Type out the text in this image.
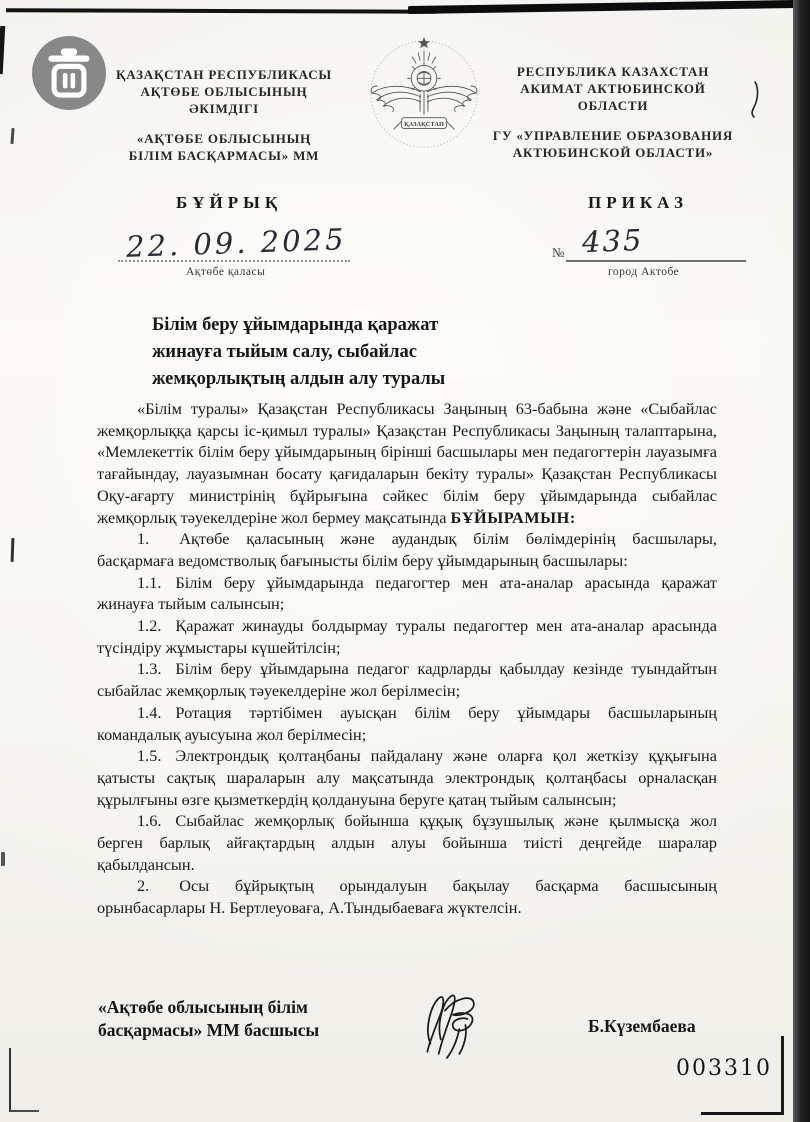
ҚАЗАҚСТАН РЕСПУБЛИКАСЫ
АҚТӨБЕ ОБЛЫСЫНЫҢ ӘКІМДІГІ
«АҚТӨБЕ ОБЛЫСЫНЫҢ
БІЛІМ БАСҚАРМАСЫ» ММ
ҚАЗАҚСТАН
РЕСПУБЛИКА КАЗАХСТАН
АКИМАТ АКТЮБИНСКОЙ ОБЛАСТИ
ГУ «УПРАВЛЕНИЕ ОБРАЗОВАНИЯ
АКТЮБИНСКОЙ ОБЛАСТИ»
БҰЙРЫҚ	ПРИКАЗ
22. 09. 2025
Ақтөбе қаласы
№ 435
город Актобе
Білім беру ұйымдарында қаражат
жинауға тыйым салу, сыбайлас
жемқорлықтың алдын алу туралы

«Білім туралы» Қазақстан Республикасы Заңының 63-бабына және «Сыбайлас жемқорлыққа қарсы іс-қимыл туралы» Қазақстан Республикасы Заңының талаптарына, «Мемлекеттік білім беру ұйымдарының бірінші басшылары мен педагогтерін лауазымға тағайындау, лауазымнан босату қағидаларын бекіту туралы» Қазақстан Республикасы Оқу-ағарту министрінің бұйрығына сәйкес білім беру ұйымдарында сыбайлас жемқорлық тәуекелдеріне жол бермеу мақсатында БҰЙЫРАМЫН:

1. Ақтөбе қаласының және аудандық білім бөлімдерінің басшылары, басқармаға ведомстволық бағынысты білім беру ұйымдарының басшылары:

1.1. Білім беру ұйымдарында педагогтер мен ата-аналар арасында қаражат жинауға тыйым салынсын;

1.2. Қаражат жинауды болдырмау туралы педагогтер мен ата-аналар арасында түсіндіру жұмыстары күшейтілсін;

1.3. Білім беру ұйымдарына педагог кадрларды қабылдау кезінде туындайтын сыбайлас жемқорлық тәуекелдеріне жол берілмесін;

1.4. Ротация тәртібімен ауысқан білім беру ұйымдары басшыларының командалық ауысуына жол берілмесін;

1.5. Электрондық қолтаңбаны пайдалану және оларға қол жеткізу құқығына қатысты сақтық шараларын алу мақсатында электрондық қолтаңбасы орналасқан құрылғыны өзге қызметкердің қолдануына беруге қатаң тыйым салынсын;

1.6. Сыбайлас жемқорлық бойынша құқық бұзушылық және қылмысқа жол берген барлық айғақтардың алдын алуы бойынша тиісті деңгейде шаралар қабылдансын.

2. Осы бұйрықтың орындалуын бақылау басқарма басшысының орынбасарлары Н. Бертлеуоваға, А.Тындыбаеваға жүктелсін.

«Ақтөбе облысының білім
басқармасы» ММ басшысы	Б.Күзембаева
003310
